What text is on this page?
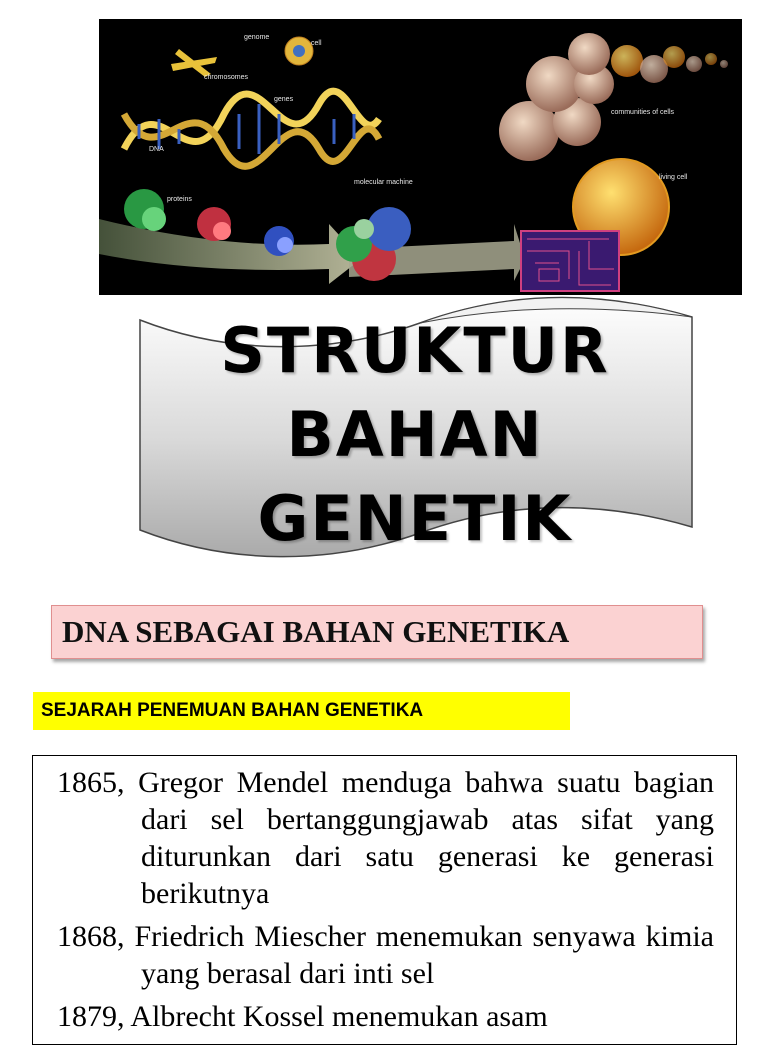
genome
cell
chromosomes
genes
DNA
proteins
molecular machine
communities of cells
living cell
STRUKTUR
BAHAN
GENETIK
DNA SEBAGAI BAHAN GENETIKA
SEJARAH PENEMUAN BAHAN GENETIKA
1865, Gregor Mendel menduga bahwa suatu bagian dari sel bertanggungjawab atas sifat yang diturunkan dari satu generasi ke generasi berikutnya
1868, Friedrich Miescher menemukan senyawa kimia yang berasal dari inti sel
1879, Albrecht Kossel menemukan asam
